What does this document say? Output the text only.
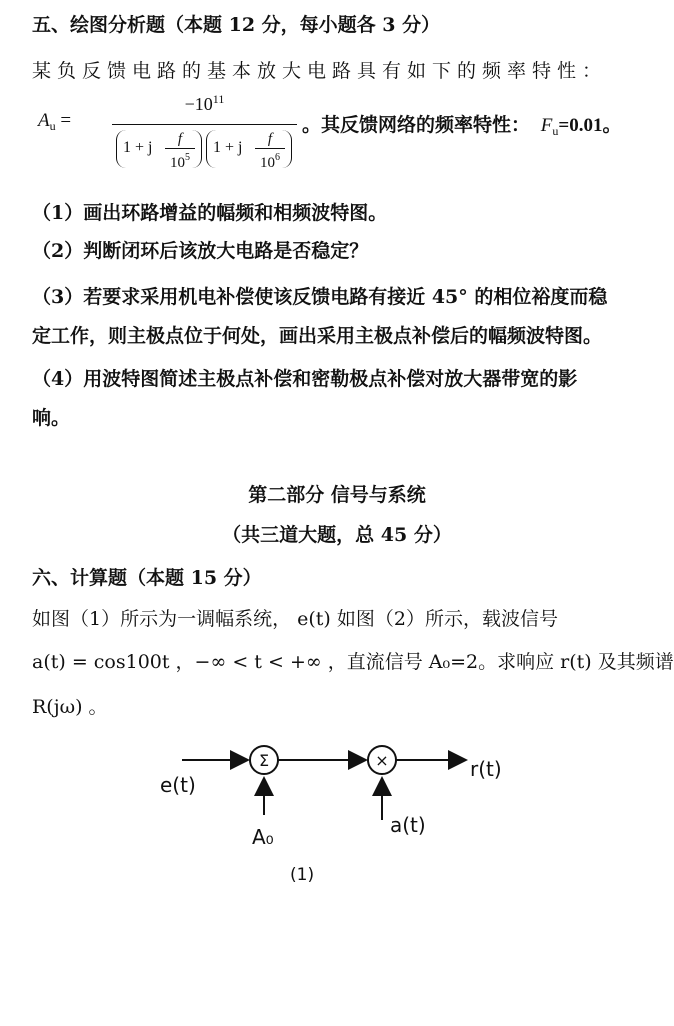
五、绘图分析题（本题 12 分，每小题各 3 分）
某负反馈电路的基本放大电路具有如下的频率特性：
$A_u$ =
$-10^{11}$
1 + j	f
$10^5$
1 + j	f
$10^6$
。其反馈网络的频率特性： $F_u=0.01$。
（1）画出环路增益的幅频和相频波特图。
（2）判断闭环后该放大电路是否稳定？
（3）若要求采用机电补偿使该反馈电路有接近 45° 的相位裕度而稳
定工作，则主极点位于何处，画出采用主极点补偿后的幅频波特图。
（4）用波特图简述主极点补偿和密勒极点补偿对放大器带宽的影
响。
第二部分 信号与系统
（共三道大题，总 45 分）
六、计算题（本题 15 分）
如图（1）所示为一调幅系统， e(t) 如图（2）所示，载波信号
a(t) = cos100t ，−∞ < t < +∞ ，直流信号 A₀=2。求响应 r(t) 及其频谱
R(jω) 。
Σ	×
e(t)
r(t)
A₀	a(t)
(1)
